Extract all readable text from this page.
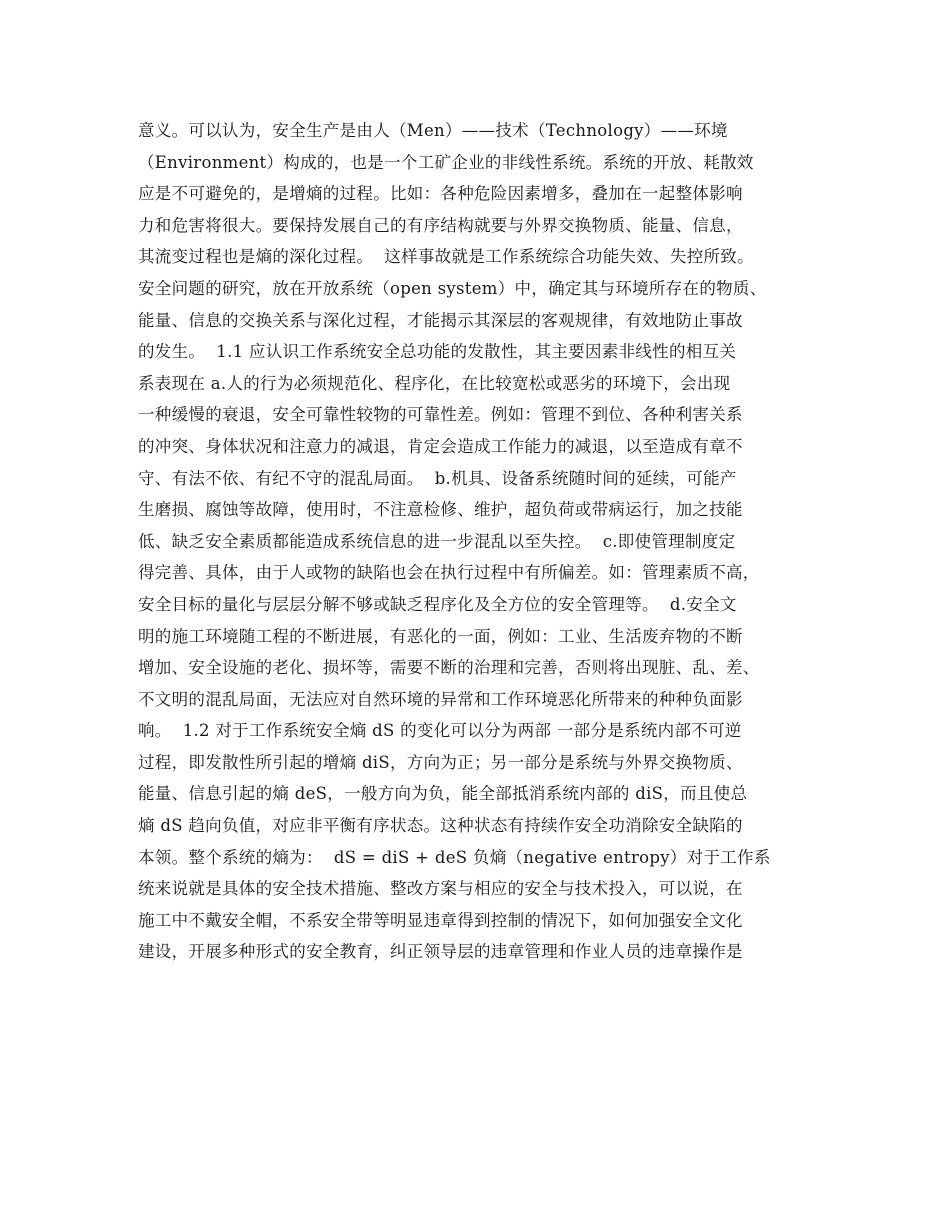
意义。可以认为，安全生产是由人（Men）——技术（Technology）——环境
（Environment）构成的，也是一个工矿企业的非线性系统。系统的开放、耗散效
应是不可避免的，是增熵的过程。比如：各种危险因素增多，叠加在一起整体影响
力和危害将很大。要保持发展自己的有序结构就要与外界交换物质、能量、信息，
其流变过程也是熵的深化过程。  这样事故就是工作系统综合功能失效、失控所致。
安全问题的研究，放在开放系统（open system）中，确定其与环境所存在的物质、
能量、信息的交换关系与深化过程，才能揭示其深层的客观规律，有效地防止事故
的发生。  1.1 应认识工作系统安全总功能的发散性，其主要因素非线性的相互关
系表现在 a.人的行为必须规范化、程序化，在比较宽松或恶劣的环境下，会出现
一种缓慢的衰退，安全可靠性较物的可靠性差。例如：管理不到位、各种利害关系
的冲突、身体状况和注意力的减退，肯定会造成工作能力的减退，以至造成有章不
守、有法不依、有纪不守的混乱局面。  b.机具、设备系统随时间的延续，可能产
生磨损、腐蚀等故障，使用时，不注意检修、维护，超负荷或带病运行，加之技能
低、缺乏安全素质都能造成系统信息的进一步混乱以至失控。  c.即使管理制度定
得完善、具体，由于人或物的缺陷也会在执行过程中有所偏差。如：管理素质不高，
安全目标的量化与层层分解不够或缺乏程序化及全方位的安全管理等。  d.安全文
明的施工环境随工程的不断进展，有恶化的一面，例如：工业、生活废弃物的不断
增加、安全设施的老化、损坏等，需要不断的治理和完善，否则将出现脏、乱、差、
不文明的混乱局面，无法应对自然环境的异常和工作环境恶化所带来的种种负面影
响。  1.2 对于工作系统安全熵 dS 的变化可以分为两部 一部分是系统内部不可逆
过程，即发散性所引起的增熵 diS，方向为正；另一部分是系统与外界交换物质、
能量、信息引起的熵 deS，一般方向为负，能全部抵消系统内部的 diS，而且使总
熵 dS 趋向负值，对应非平衡有序状态。这种状态有持续作安全功消除安全缺陷的
本领。整个系统的熵为：  dS = diS + deS 负熵（negative entropy）对于工作系
统来说就是具体的安全技术措施、整改方案与相应的安全与技术投入，可以说，在
施工中不戴安全帽，不系安全带等明显违章得到控制的情况下，如何加强安全文化
建设，开展多种形式的安全教育，纠正领导层的违章管理和作业人员的违章操作是
